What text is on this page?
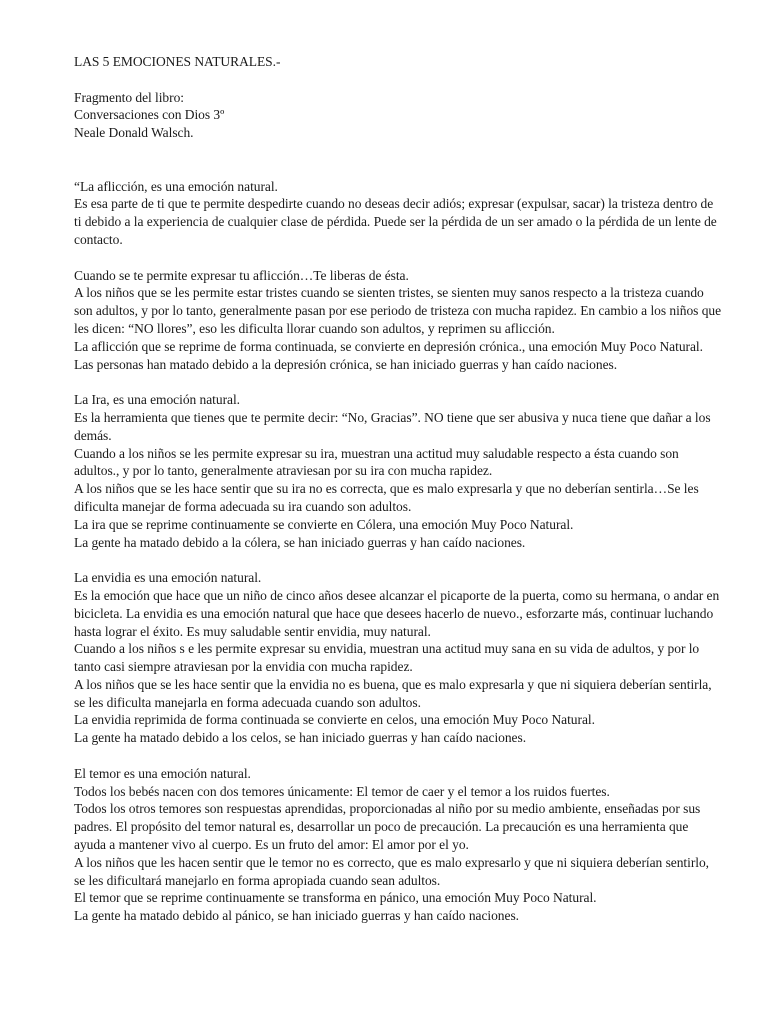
LAS 5 EMOCIONES NATURALES.-
Fragmento del libro:
Conversaciones con Dios 3º
Neale Donald Walsch.
“La aflicción, es una emoción natural.
Es esa parte de ti que te permite despedirte cuando no deseas decir adiós; expresar (expulsar, sacar) la tristeza dentro de ti debido a la experiencia de cualquier clase de pérdida. Puede ser la pérdida de un ser amado o la pérdida de un lente de contacto.
Cuando se te permite expresar tu aflicción…Te liberas de ésta.
A los niños que se les permite estar tristes cuando se sienten tristes, se sienten muy sanos respecto a la tristeza cuando son adultos, y por lo tanto, generalmente pasan por ese periodo de tristeza con mucha rapidez. En cambio a los niños que les dicen: “NO llores”, eso les dificulta llorar cuando son adultos, y reprimen su aflicción.
La aflicción que se reprime de forma continuada, se convierte en depresión crónica., una emoción Muy Poco Natural.
Las personas han matado debido a la depresión crónica, se han iniciado guerras y han caído naciones.
La Ira, es una emoción natural.
Es la herramienta que tienes que te permite decir: “No, Gracias”. NO tiene que ser abusiva y nuca tiene que dañar a los demás.
Cuando a los niños se les permite expresar su ira, muestran una actitud muy saludable respecto a ésta cuando son adultos., y por lo tanto, generalmente atraviesan por su ira con mucha rapidez.
A los niños que se les hace sentir que su ira no es correcta, que es malo expresarla y que no deberían sentirla…Se les dificulta manejar de forma adecuada su ira cuando son adultos.
La ira que se reprime continuamente se convierte en Cólera, una emoción Muy Poco Natural.
La gente ha matado debido a la cólera, se han iniciado guerras y han caído naciones.
La envidia es una emoción natural.
Es la emoción que hace que un niño de cinco años desee alcanzar el picaporte de la puerta, como su hermana, o andar en bicicleta. La envidia es una emoción natural que hace que desees hacerlo de nuevo., esforzarte más, continuar luchando hasta lograr el éxito. Es muy saludable sentir envidia, muy natural.
Cuando a los niños s e les permite expresar su envidia, muestran una actitud muy sana en su vida de adultos, y por lo tanto casi siempre atraviesan por la envidia con mucha rapidez.
A los niños que se les hace sentir que la envidia no es buena, que es malo expresarla y que ni siquiera deberían sentirla, se les dificulta manejarla en forma adecuada cuando son adultos.
La envidia reprimida de forma continuada se convierte en celos, una emoción Muy Poco Natural.
La gente ha matado debido a los celos, se han iniciado guerras y han caído naciones.
El temor es una emoción natural.
Todos los bebés nacen con dos temores únicamente: El temor de caer y el temor a los ruidos fuertes.
Todos los otros temores son respuestas aprendidas, proporcionadas al niño por su medio ambiente, enseñadas por sus padres. El propósito del temor natural es, desarrollar un poco de precaución. La precaución es una herramienta que ayuda a mantener vivo al cuerpo. Es un fruto del amor: El amor por el yo.
A los niños que les hacen sentir que le temor no es correcto, que es malo expresarlo y que ni siquiera deberían sentirlo, se les dificultará manejarlo en forma apropiada cuando sean adultos.
El temor que se reprime continuamente se transforma en pánico, una emoción Muy Poco Natural.
La gente ha matado debido al pánico, se han iniciado guerras y han caído naciones.
